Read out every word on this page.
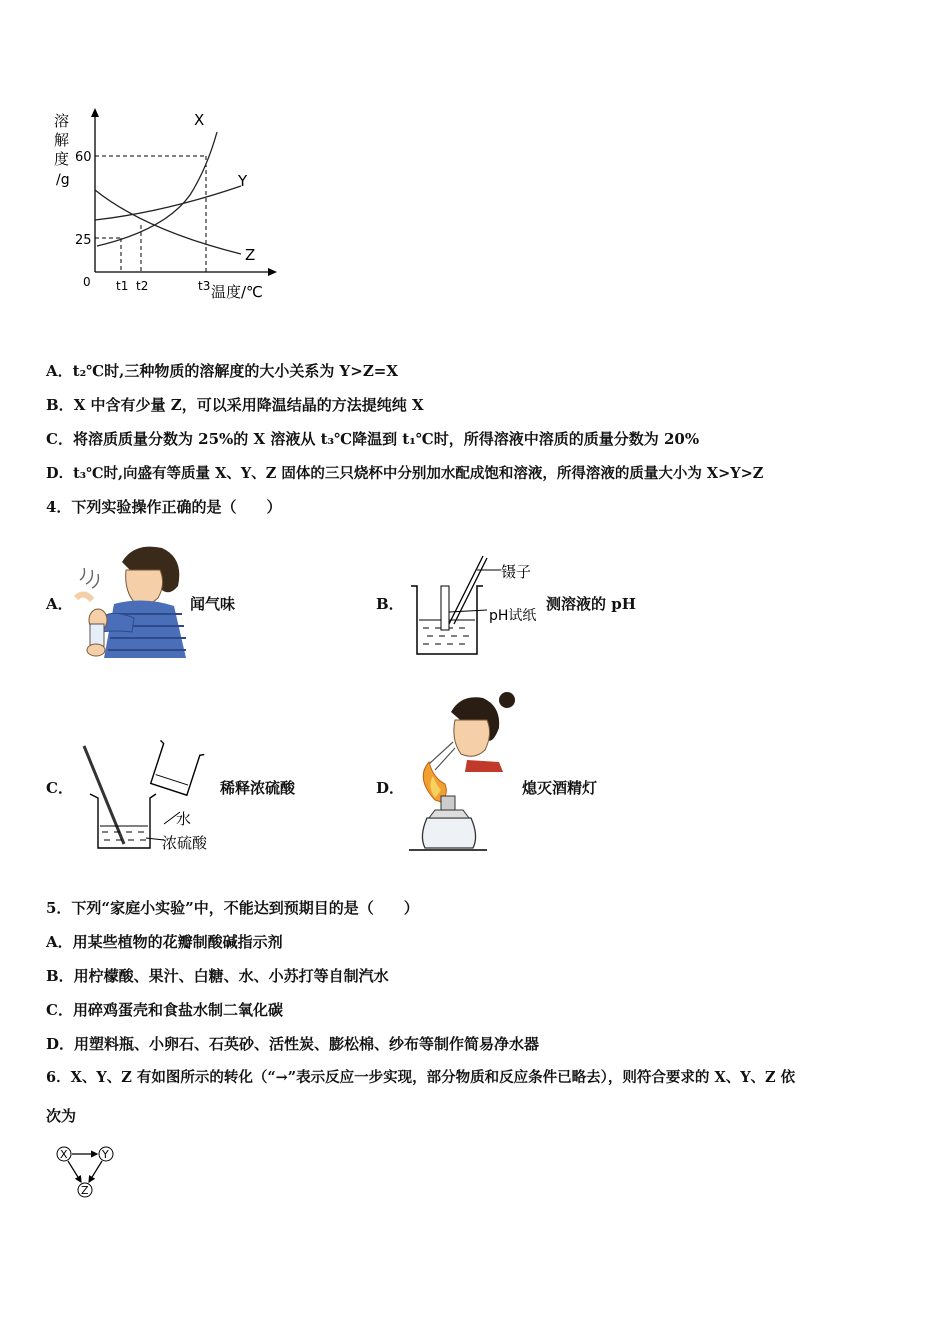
溶
解
度
/g
60
25
0
X
Y
Z
t1 t2	t3 温度/℃
A．t₂℃时,三种物质的溶解度的大小关系为 Y>Z=X
B．X 中含有少量 Z，可以采用降温结晶的方法提纯纯 X
C．将溶质质量分数为 25%的 X 溶液从 t₃℃降温到 t₁℃时，所得溶液中溶质的质量分数为 20%
D．t₃℃时,向盛有等质量 X、Y、Z 固体的三只烧杯中分别加水配成饱和溶液，所得溶液的质量大小为 X>Y>Z
4．下列实验操作正确的是（　　）
A．	闻气味	B．
镊子
pH试纸
测溶液的 pH
C．
水
浓硫酸
稀释浓硫酸	D．	熄灭酒精灯
5．下列“家庭小实验”中，不能达到预期目的是（　　）
A．用某些植物的花瓣制酸碱指示剂
B．用柠檬酸、果汁、白糖、水、小苏打等自制汽水
C．用碎鸡蛋壳和食盐水制二氧化碳
D．用塑料瓶、小卵石、石英砂、活性炭、膨松棉、纱布等制作简易净水器
6．X、Y、Z 有如图所示的转化（“→”表示反应一步实现，部分物质和反应条件已略去），则符合要求的 X、Y、Z 依
次为
X	Y
Z
